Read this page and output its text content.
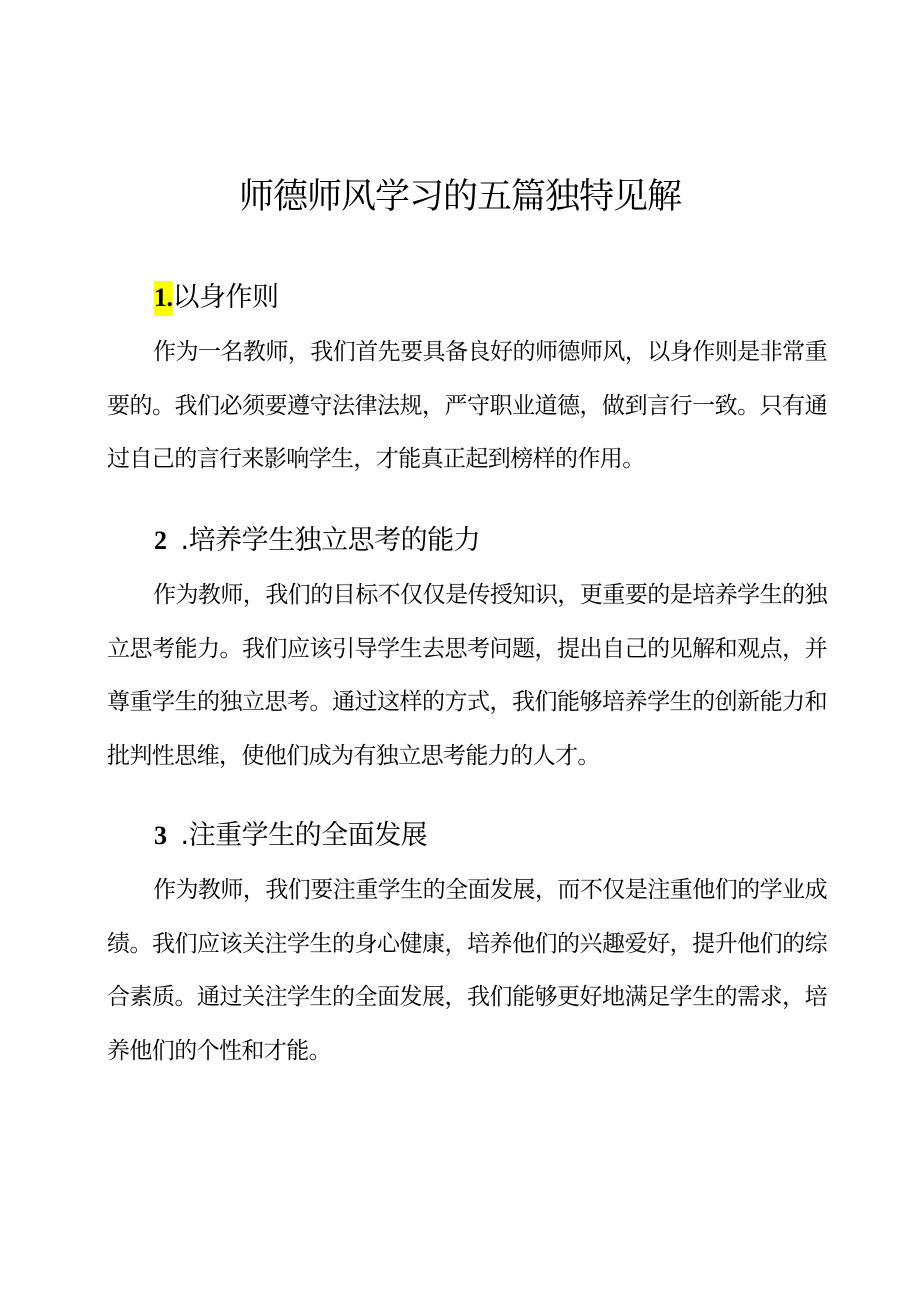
师德师风学习的五篇独特见解
1.以身作则

作为一名教师，我们首先要具备良好的师德师风，以身作则是非常重要的。我们必须要遵守法律法规，严守职业道德，做到言行一致。只有通过自己的言行来影响学生，才能真正起到榜样的作用。

2 .培养学生独立思考的能力

作为教师，我们的目标不仅仅是传授知识，更重要的是培养学生的独立思考能力。我们应该引导学生去思考问题，提出自己的见解和观点，并尊重学生的独立思考。通过这样的方式，我们能够培养学生的创新能力和批判性思维，使他们成为有独立思考能力的人才。

3 .注重学生的全面发展

作为教师，我们要注重学生的全面发展，而不仅是注重他们的学业成绩。我们应该关注学生的身心健康，培养他们的兴趣爱好，提升他们的综合素质。通过关注学生的全面发展，我们能够更好地满足学生的需求，培养他们的个性和才能。
